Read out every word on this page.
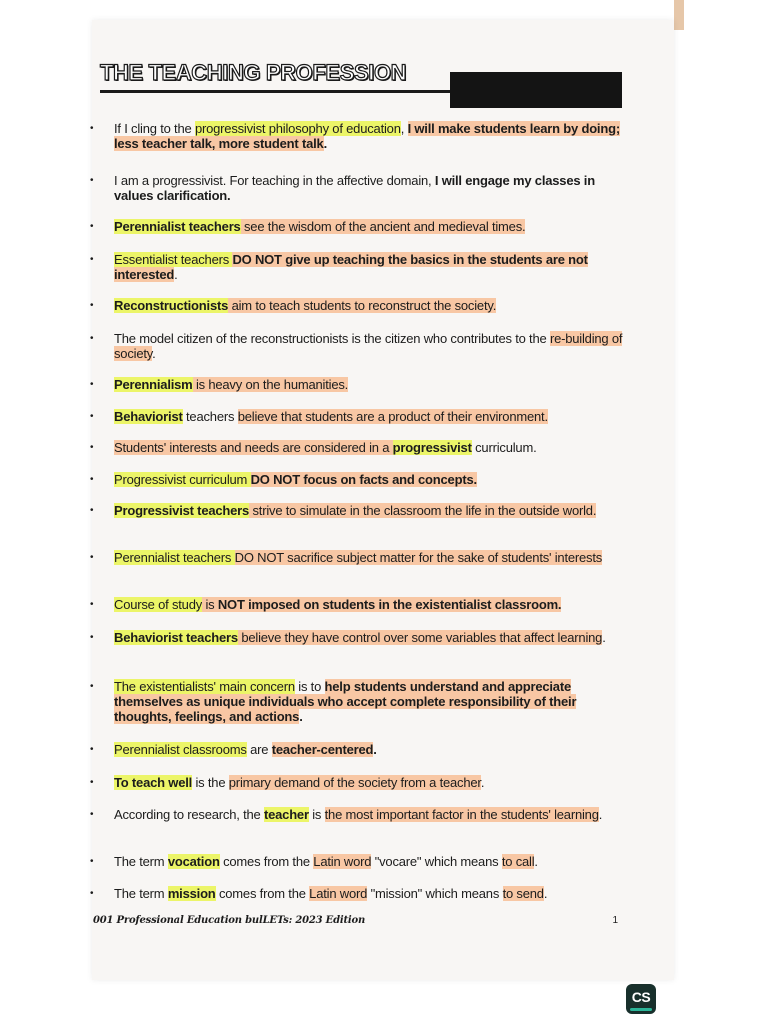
THE TEACHING PROFESSION
• If I cling to the progressivist philosophy of education, I will make students learn by doing; less teacher talk, more student talk.
• I am a progressivist. For teaching in the affective domain, I will engage my classes in values clarification.
• Perennialist teachers see the wisdom of the ancient and medieval times.
• Essentialist teachers DO NOT give up teaching the basics in the students are not interested.
• Reconstructionists aim to teach students to reconstruct the society.
• The model citizen of the reconstructionists is the citizen who contributes to the re-building of society.
• Perennialism is heavy on the humanities.
• Behaviorist teachers believe that students are a product of their environment.
• Students' interests and needs are considered in a progressivist curriculum.
• Progressivist curriculum DO NOT focus on facts and concepts.
• Progressivist teachers strive to simulate in the classroom the life in the outside world.
• Perennialist teachers DO NOT sacrifice subject matter for the sake of students' interests
• Course of study is NOT imposed on students in the existentialist classroom.
• Behaviorist teachers believe they have control over some variables that affect learning.
• The existentialists' main concern is to help students understand and appreciate themselves as unique individuals who accept complete responsibility of their thoughts, feelings, and actions.
• Perennialist classrooms are teacher-centered.
• To teach well is the primary demand of the society from a teacher.
• According to research, the teacher is the most important factor in the students' learning.
• The term vocation comes from the Latin word "vocare" which means to call.
• The term mission comes from the Latin word "mission" which means to send.
001 Professional Education bulLETs: 2023 Edition	1
CS
